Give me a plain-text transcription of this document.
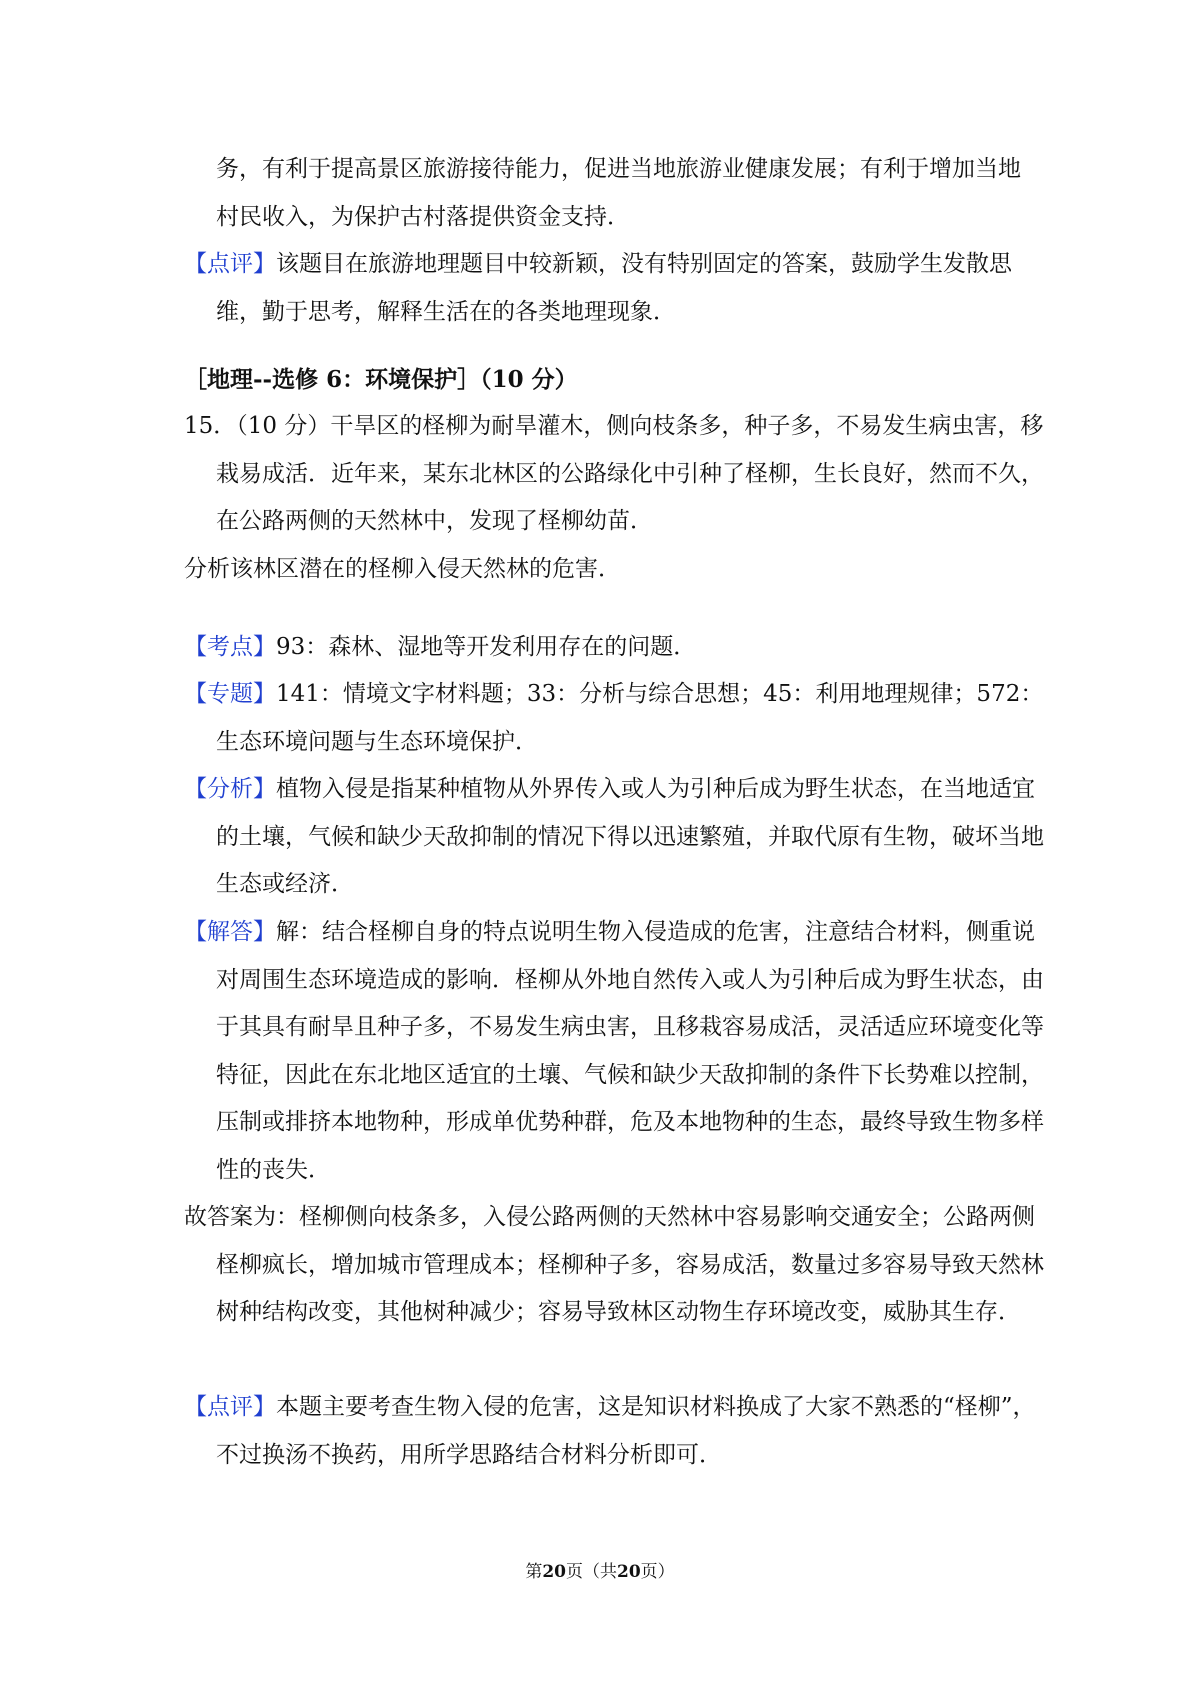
务，有利于提高景区旅游接待能力，促进当地旅游业健康发展；有利于增加当地村民收入，为保护古村落提供资金支持．
【点评】该题目在旅游地理题目中较新颖，没有特别固定的答案，鼓励学生发散思维，勤于思考，解释生活在的各类地理现象．
［地理--选修 6：环境保护］（10 分）
15．（10 分）干旱区的柽柳为耐旱灌木，侧向枝条多，种子多，不易发生病虫害，移栽易成活．近年来，某东北林区的公路绿化中引种了柽柳，生长良好，然而不久，在公路两侧的天然林中，发现了柽柳幼苗．
分析该林区潜在的柽柳入侵天然林的危害．
【考点】93：森林、湿地等开发利用存在的问题．
【专题】141：情境文字材料题；33：分析与综合思想；45：利用地理规律；572：生态环境问题与生态环境保护．
【分析】植物入侵是指某种植物从外界传入或人为引种后成为野生状态，在当地适宜的土壤，气候和缺少天敌抑制的情况下得以迅速繁殖，并取代原有生物，破坏当地生态或经济．
【解答】解：结合柽柳自身的特点说明生物入侵造成的危害，注意结合材料，侧重说对周围生态环境造成的影响．柽柳从外地自然传入或人为引种后成为野生状态，由于其具有耐旱且种子多，不易发生病虫害，且移栽容易成活，灵活适应环境变化等特征，因此在东北地区适宜的土壤、气候和缺少天敌抑制的条件下长势难以控制，压制或排挤本地物种，形成单优势种群，危及本地物种的生态，最终导致生物多样性的丧失．
故答案为：柽柳侧向枝条多，入侵公路两侧的天然林中容易影响交通安全；公路两侧柽柳疯长，增加城市管理成本；柽柳种子多，容易成活，数量过多容易导致天然林树种结构改变，其他树种减少；容易导致林区动物生存环境改变，威胁其生存．
【点评】本题主要考查生物入侵的危害，这是知识材料换成了大家不熟悉的“柽柳”，不过换汤不换药，用所学思路结合材料分析即可．
第20页（共20页）
